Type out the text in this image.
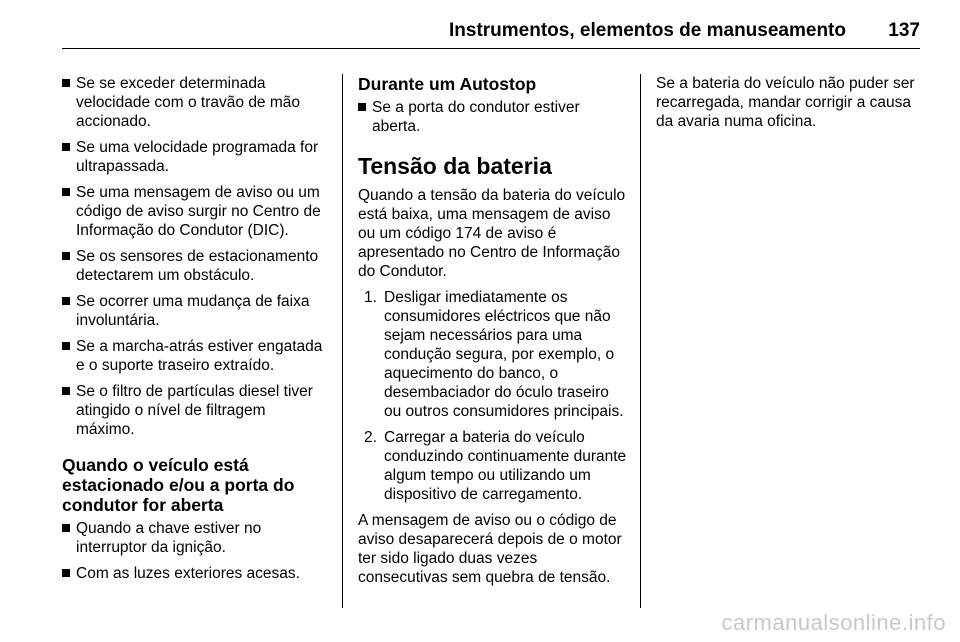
Instrumentos, elementos de manuseamento 137
Se se exceder determinada velocidade com o travão de mão accionado.
Se uma velocidade programada for ultrapassada.
Se uma mensagem de aviso ou um código de aviso surgir no Centro de Informação do Condutor (DIC).
Se os sensores de estacionamento detectarem um obstáculo.
Se ocorrer uma mudança de faixa involuntária.
Se a marcha-atrás estiver engatada e o suporte traseiro extraído.
Se o filtro de partículas diesel tiver atingido o nível de filtragem máximo.
Quando o veículo está estacionado e/ou a porta do condutor for aberta
Quando a chave estiver no interruptor da ignição.
Com as luzes exteriores acesas.
Durante um Autostop
Se a porta do condutor estiver aberta.
Tensão da bateria

Quando a tensão da bateria do veículo está baixa, uma mensagem de aviso ou um código 174 de aviso é apresentado no Centro de Informação do Condutor.

1. Desligar imediatamente os consumidores eléctricos que não sejam necessários para uma condução segura, por exemplo, o aquecimento do banco, o desembaciador do óculo traseiro ou outros consumidores principais.
2. Carregar a bateria do veículo conduzindo continuamente durante algum tempo ou utilizando um dispositivo de carregamento.

A mensagem de aviso ou o código de aviso desaparecerá depois de o motor ter sido ligado duas vezes consecutivas sem quebra de tensão.

Se a bateria do veículo não puder ser recarregada, mandar corrigir a causa da avaria numa oficina.

carmanualsonline.info
